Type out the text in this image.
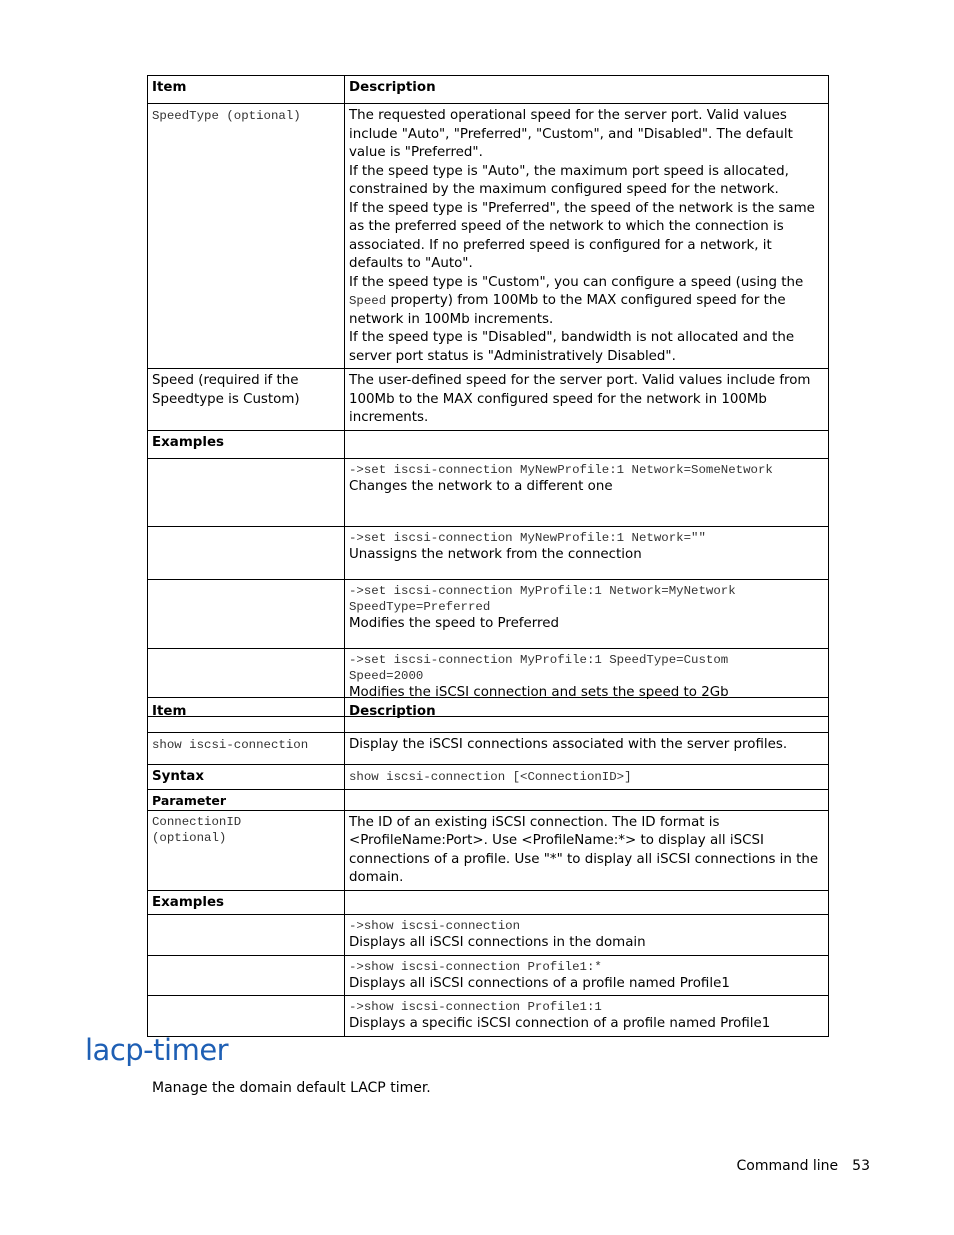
Item	Description
SpeedType (optional)	The requested operational speed for the server port. Valid values include "Auto", "Preferred", "Custom", and "Disabled". The default value is "Preferred".
If the speed type is "Auto", the maximum port speed is allocated, constrained by the maximum configured speed for the network.
If the speed type is "Preferred", the speed of the network is the same as the preferred speed of the network to which the connection is associated. If no preferred speed is configured for a network, it defaults to "Auto".
If the speed type is "Custom", you can configure a speed (using the Speed property) from 100Mb to the MAX configured speed for the network in 100Mb increments.
If the speed type is "Disabled", bandwidth is not allocated and the server port status is "Administratively Disabled".

Speed (required if the Speedtype is Custom)	The user-defined speed for the server port. Valid values include from 100Mb to the MAX configured speed for the network in 100Mb increments.
Examples	

	->set iscsi-connection MyNewProfile:1 Network=SomeNetwork
Changes the network to a different one

	->set iscsi-connection MyNewProfile:1 Network=""
Unassigns the network from the connection

	->set iscsi-connection MyProfile:1 Network=MyNetwork
SpeedType=Preferred
Modifies the speed to Preferred

	->set iscsi-connection MyProfile:1 SpeedType=Custom
Speed=2000
Modifies the iSCSI connection and sets the speed to 2Gb
Item	Description
show iscsi-connection	Display the iSCSI connections associated with the server profiles.
Syntax	show iscsi-connection [<ConnectionID>]
Parameter	

ConnectionID
(optional)	The ID of an existing iSCSI connection. The ID format is <ProfileName:Port>. Use <ProfileName:*> to display all iSCSI connections of a profile. Use "*" to display all iSCSI connections in the domain.
Examples	

	->show iscsi-connection
Displays all iSCSI connections in the domain

	->show iscsi-connection Profile1:*
Displays all iSCSI connections of a profile named Profile1

	->show iscsi-connection Profile1:1
Displays a specific iSCSI connection of a profile named Profile1
lacp-timer

Manage the domain default LACP timer.

Command line 53
